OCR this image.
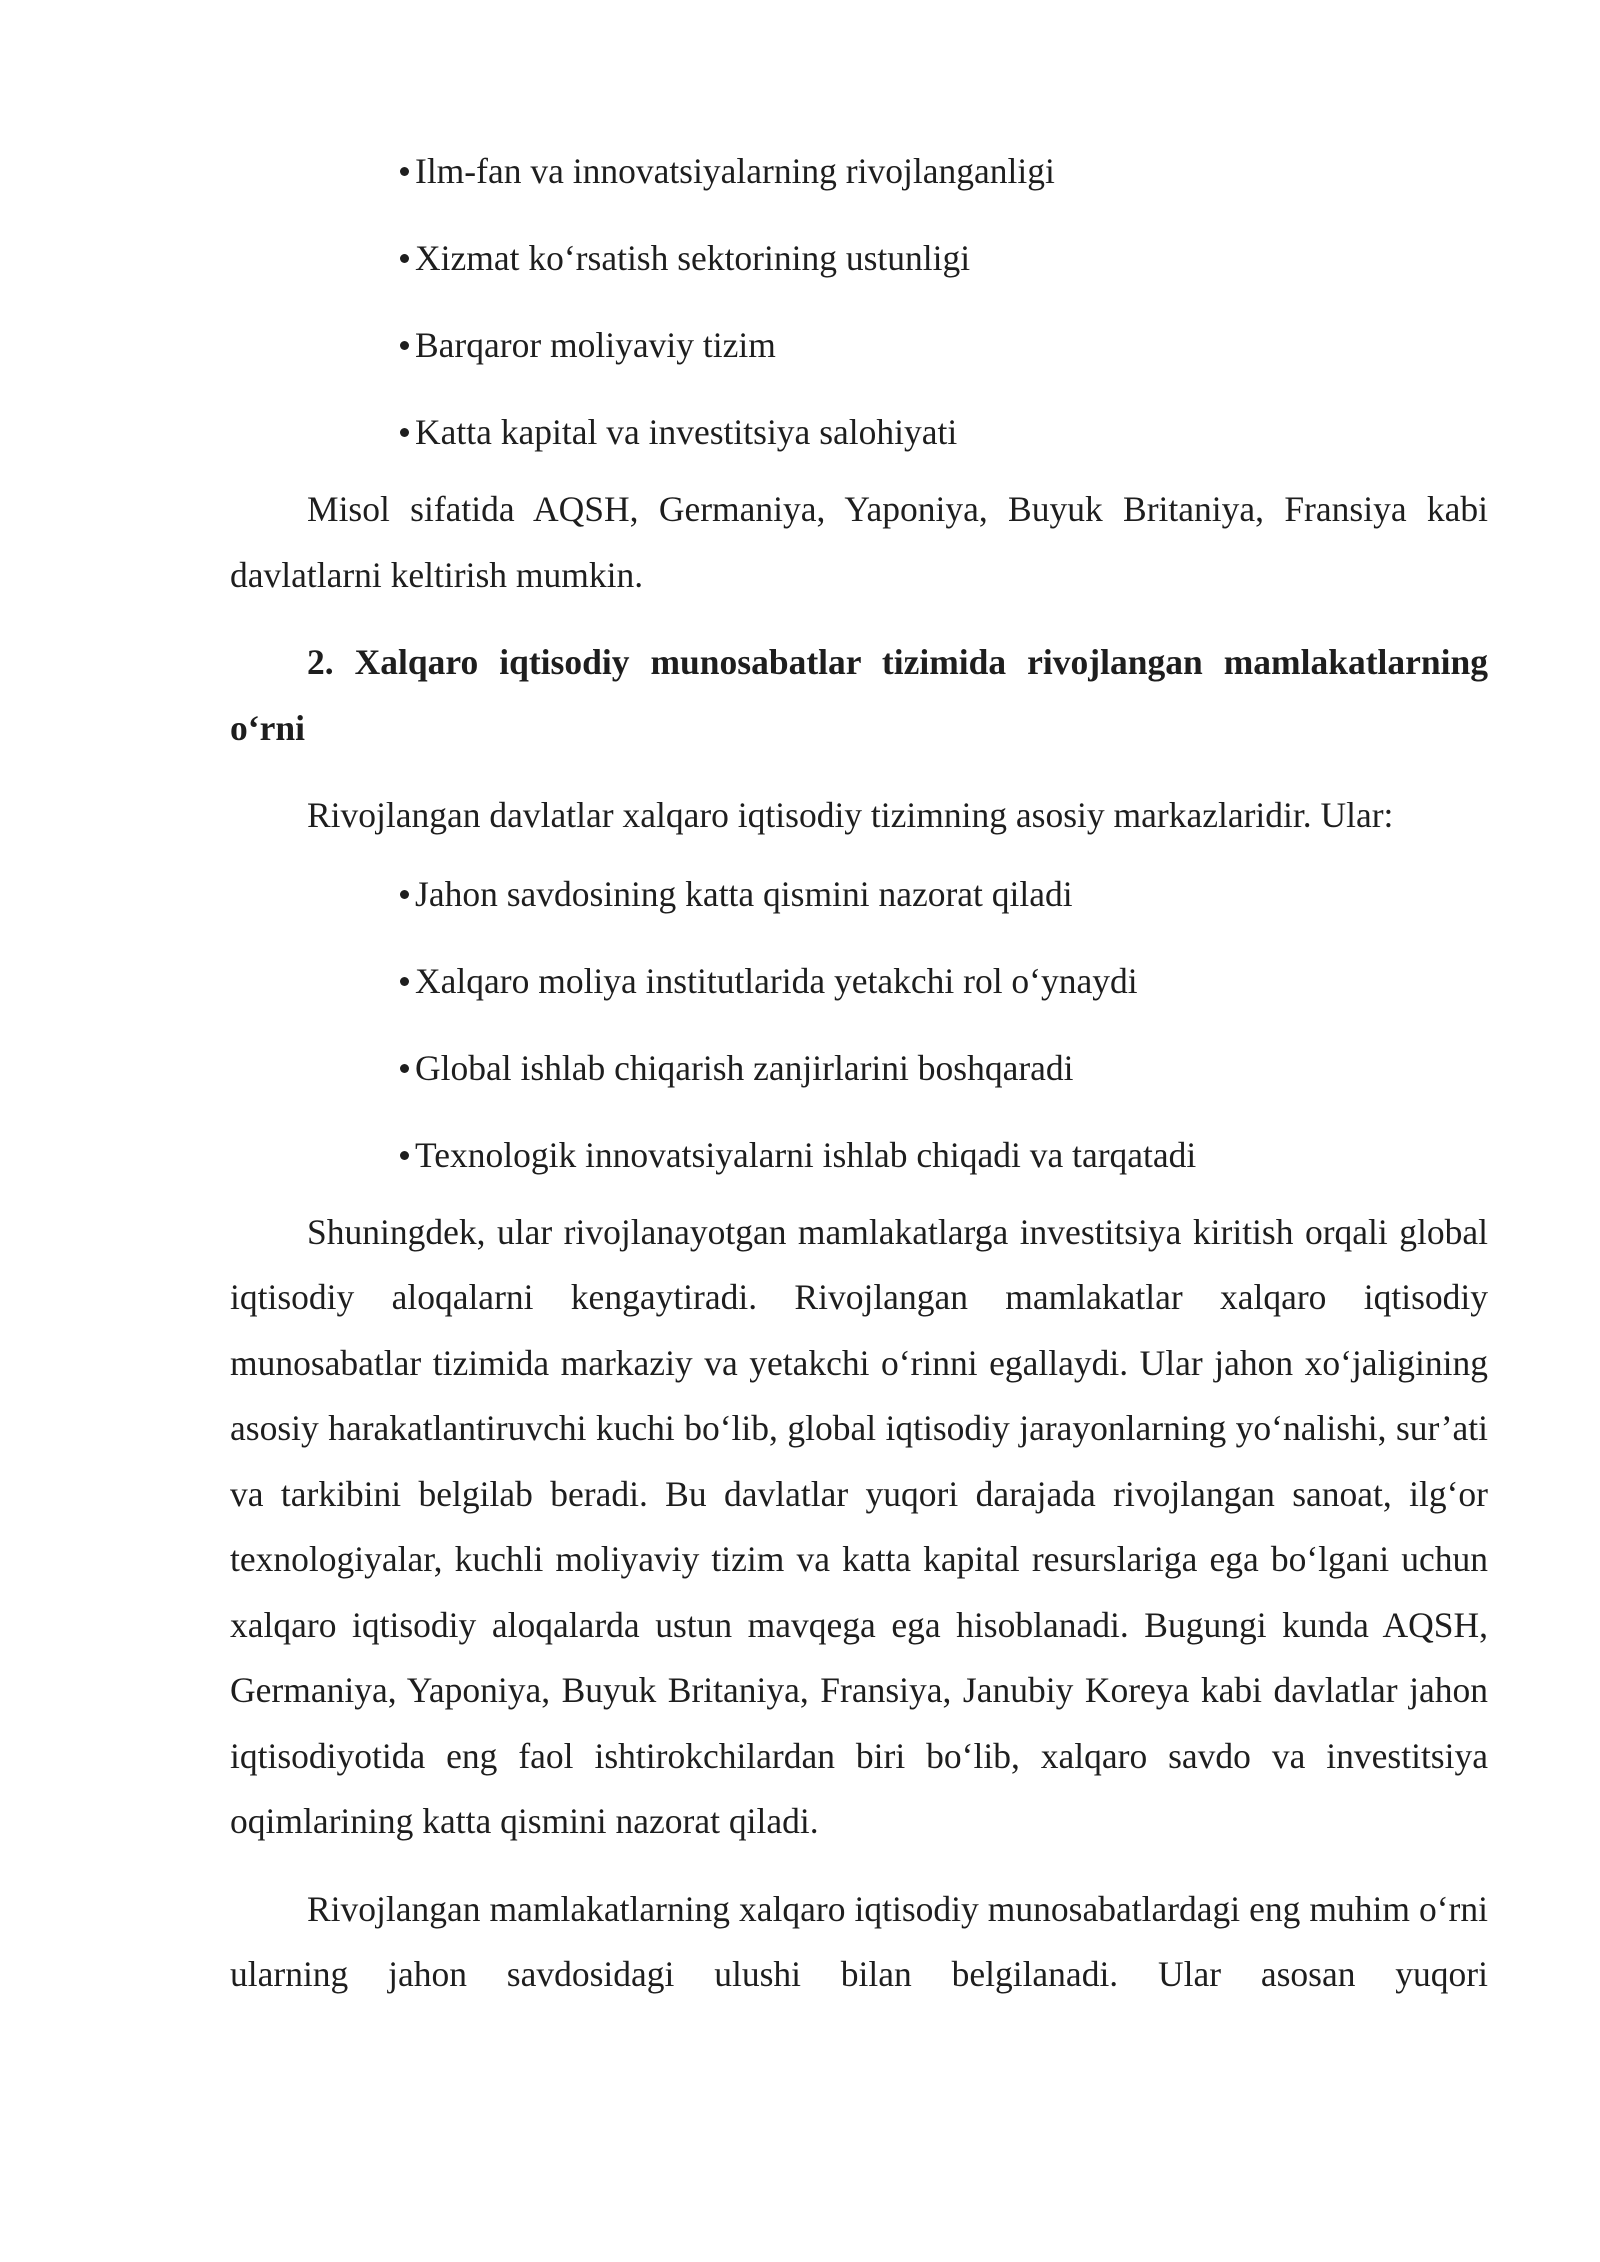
Ilm-fan va innovatsiyalarning rivojlanganligi
Xizmat ko‘rsatish sektorining ustunligi
Barqaror moliyaviy tizim
Katta kapital va investitsiya salohiyati

Misol sifatida AQSH, Germaniya, Yaponiya, Buyuk Britaniya, Fransiya kabi davlatlarni keltirish mumkin.

2. Xalqaro iqtisodiy munosabatlar tizimida rivojlangan mamlakatlarning o‘rni

Rivojlangan davlatlar xalqaro iqtisodiy tizimning asosiy markazlaridir. Ular:

Jahon savdosining katta qismini nazorat qiladi
Xalqaro moliya institutlarida yetakchi rol o‘ynaydi
Global ishlab chiqarish zanjirlarini boshqaradi
Texnologik innovatsiyalarni ishlab chiqadi va tarqatadi

Shuningdek, ular rivojlanayotgan mamlakatlarga investitsiya kiritish orqali global iqtisodiy aloqalarni kengaytiradi. Rivojlangan mamlakatlar xalqaro iqtisodiy munosabatlar tizimida markaziy va yetakchi o‘rinni egallaydi. Ular jahon xo‘jaligining asosiy harakatlantiruvchi kuchi bo‘lib, global iqtisodiy jarayonlarning yo‘nalishi, sur’ati va tarkibini belgilab beradi. Bu davlatlar yuqori darajada rivojlangan sanoat, ilg‘or texnologiyalar, kuchli moliyaviy tizim va katta kapital resurslariga ega bo‘lgani uchun xalqaro iqtisodiy aloqalarda ustun mavqega ega hisoblanadi. Bugungi kunda AQSH, Germaniya, Yaponiya, Buyuk Britaniya, Fransiya, Janubiy Koreya kabi davlatlar jahon iqtisodiyotida eng faol ishtirokchilardan biri bo‘lib, xalqaro savdo va investitsiya oqimlarining katta qismini nazorat qiladi.

Rivojlangan mamlakatlarning xalqaro iqtisodiy munosabatlardagi eng muhim o‘rni ularning jahon savdosidagi ulushi bilan belgilanadi. Ular asosan yuqori
